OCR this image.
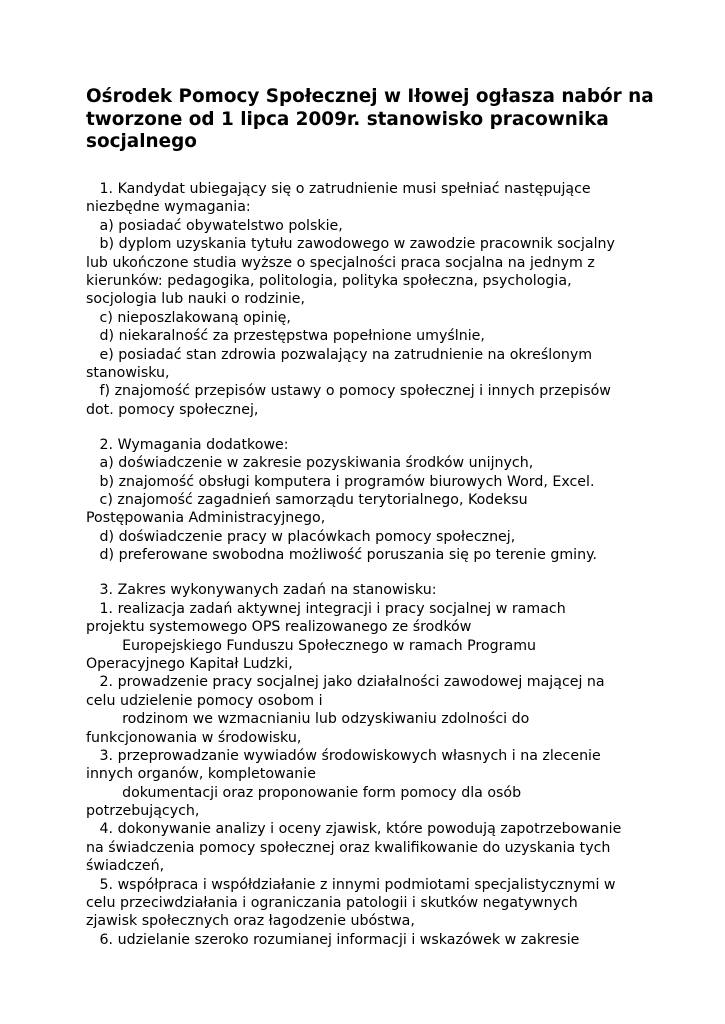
Ośrodek Pomocy Społecznej w Iłowej ogłasza nabór na
tworzone od 1 lipca 2009r. stanowisko pracownika
socjalnego
1. Kandydat ubiegający się o zatrudnienie musi spełniać następujące
niezbędne wymagania:
a) posiadać obywatelstwo polskie,
b) dyplom uzyskania tytułu zawodowego w zawodzie pracownik socjalny
lub ukończone studia wyższe o specjalności praca socjalna na jednym z
kierunków: pedagogika, politologia, polityka społeczna, psychologia,
socjologia lub nauki o rodzinie,
c) nieposzlakowaną opinię,
d) niekaralność za przestępstwa popełnione umyślnie,
e) posiadać stan zdrowia pozwalający na zatrudnienie na określonym
stanowisku,
f) znajomość przepisów ustawy o pomocy społecznej i innych przepisów
dot. pomocy społecznej,
2. Wymagania dodatkowe:
a) doświadczenie w zakresie pozyskiwania środków unijnych,
b) znajomość obsługi komputera i programów biurowych Word, Excel.
c) znajomość zagadnień samorządu terytorialnego, Kodeksu
Postępowania Administracyjnego,
d) doświadczenie pracy w placówkach pomocy społecznej,
d) preferowane swobodna możliwość poruszania się po terenie gminy.
3. Zakres wykonywanych zadań na stanowisku:
1. realizacja zadań aktywnej integracji i pracy socjalnej w ramach
projektu systemowego OPS realizowanego ze środków
Europejskiego Funduszu Społecznego w ramach Programu
Operacyjnego Kapitał Ludzki,
2. prowadzenie pracy socjalnej jako działalności zawodowej mającej na
celu udzielenie pomocy osobom i
rodzinom we wzmacnianiu lub odzyskiwaniu zdolności do
funkcjonowania w środowisku,
3. przeprowadzanie wywiadów środowiskowych własnych i na zlecenie
innych organów, kompletowanie
dokumentacji oraz proponowanie form pomocy dla osób
potrzebujących,
4. dokonywanie analizy i oceny zjawisk, które powodują zapotrzebowanie
na świadczenia pomocy społecznej oraz kwalifikowanie do uzyskania tych
świadczeń,
5. współpraca i współdziałanie z innymi podmiotami specjalistycznymi w
celu przeciwdziałania i ograniczania patologii i skutków negatywnych
zjawisk społecznych oraz łagodzenie ubóstwa,
6. udzielanie szeroko rozumianej informacji i wskazówek w zakresie
